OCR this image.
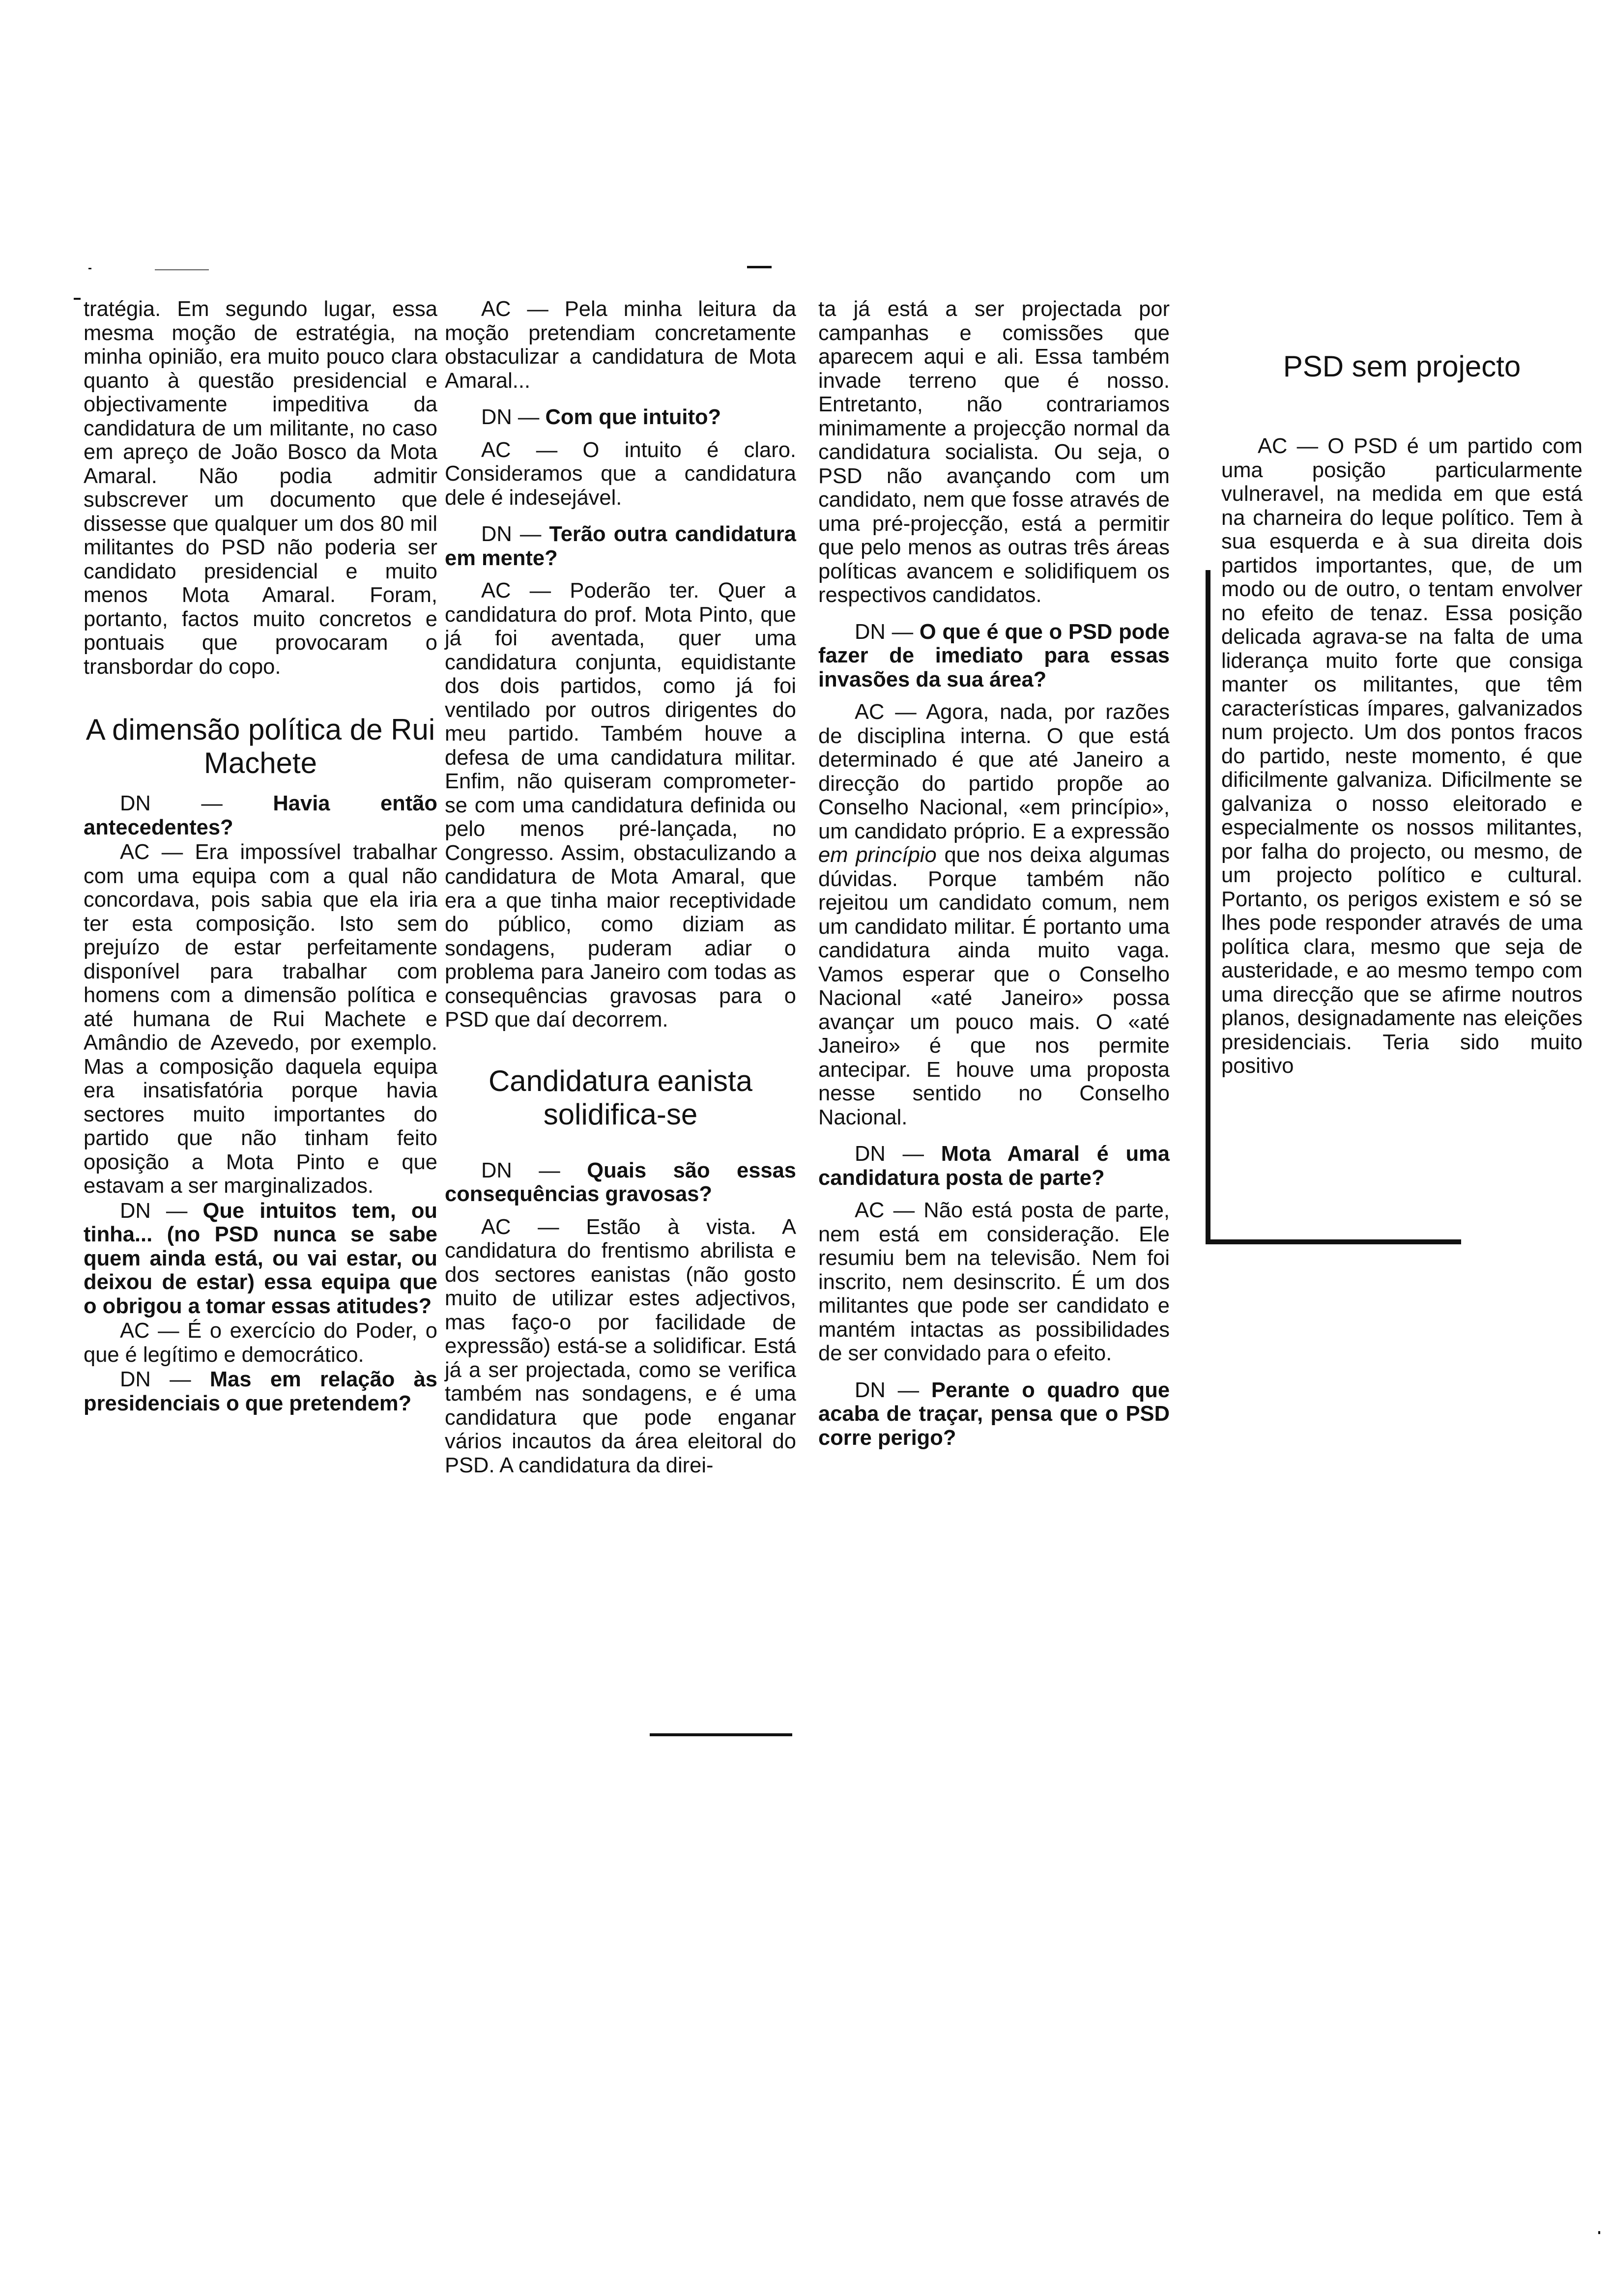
tratégia. Em segundo lugar, essa mesma moção de estratégia, na minha opinião, era muito pouco clara quanto à questão presidencial e objectivamente impeditiva da candidatura de um militante, no caso em apreço de João Bosco da Mota Amaral. Não podia admitir subscrever um documento que dissesse que qualquer um dos 80 mil militantes do PSD não poderia ser candidato presidencial e muito menos Mota Amaral. Foram, portanto, factos muito concretos e pontuais que provocaram o transbordar do copo.

A dimensão política de Rui Machete

DN — Havia então antecedentes?

AC — Era impossível trabalhar com uma equipa com a qual não concordava, pois sabia que ela iria ter esta composição. Isto sem prejuízo de estar perfeitamente disponível para trabalhar com homens com a dimensão política e até humana de Rui Machete e Amândio de Azevedo, por exemplo. Mas a composição daquela equipa era insatisfatória porque havia sectores muito importantes do partido que não tinham feito oposição a Mota Pinto e que estavam a ser marginalizados.

DN — Que intuitos tem, ou tinha... (no PSD nunca se sabe quem ainda está, ou vai estar, ou deixou de estar) essa equipa que o obrigou a tomar essas atitudes?

AC — É o exercício do Poder, o que é legítimo e democrático.

DN — Mas em relação às presidenciais o que pretendem?

AC — Pela minha leitura da moção pretendiam concretamente obstaculizar a candidatura de Mota Amaral...

DN — Com que intuito?

AC — O intuito é claro. Consideramos que a candidatura dele é indesejável.

DN — Terão outra candidatura em mente?

AC — Poderão ter. Quer a candidatura do prof. Mota Pinto, que já foi aventada, quer uma candidatura conjunta, equidistante dos dois partidos, como já foi ventilado por outros dirigentes do meu partido. Também houve a defesa de uma candidatura militar. Enfim, não quiseram comprometer-se com uma candidatura definida ou pelo menos pré-lançada, no Congresso. Assim, obstaculizando a candidatura de Mota Amaral, que era a que tinha maior receptividade do público, como diziam as sondagens, puderam adiar o problema para Janeiro com todas as consequências gravosas para o PSD que daí decorrem.

Candidatura eanista solidifica-se

DN — Quais são essas consequências gravosas?

AC — Estão à vista. A candidatura do frentismo abrilista e dos sectores eanistas (não gosto muito de utilizar estes adjectivos, mas faço-o por facilidade de expressão) está-se a solidificar. Está já a ser projectada, como se verifica também nas sondagens, e é uma candidatura que pode enganar vários incautos da área eleitoral do PSD. A candidatura da direi-

ta já está a ser projectada por campanhas e comissões que aparecem aqui e ali. Essa também invade terreno que é nosso. Entretanto, não contrariamos minimamente a projecção normal da candidatura socialista. Ou seja, o PSD não avançando com um candidato, nem que fosse através de uma pré-projecção, está a permitir que pelo menos as outras três áreas políticas avancem e solidifiquem os respectivos candidatos.

DN — O que é que o PSD pode fazer de imediato para essas invasões da sua área?

AC — Agora, nada, por razões de disciplina interna. O que está determinado é que até Janeiro a direcção do partido propõe ao Conselho Nacional, «em princípio», um candidato próprio. E a expressão em princípio que nos deixa algumas dúvidas. Porque também não rejeitou um candidato comum, nem um candidato militar. É portanto uma candidatura ainda muito vaga. Vamos esperar que o Conselho Nacional «até Janeiro» possa avançar um pouco mais. O «até Janeiro» é que nos permite antecipar. E houve uma proposta nesse sentido no Conselho Nacional.

DN — Mota Amaral é uma candidatura posta de parte?

AC — Não está posta de parte, nem está em consideração. Ele resumiu bem na televisão. Nem foi inscrito, nem desinscrito. É um dos militantes que pode ser candidato e mantém intactas as possibilidades de ser convidado para o efeito.

DN — Perante o quadro que acaba de traçar, pensa que o PSD corre perigo?

PSD sem projecto

AC — O PSD é um partido com uma posição particularmente vulneravel, na medida em que está na charneira do leque político. Tem à sua esquerda e à sua direita dois partidos importantes, que, de um modo ou de outro, o tentam envolver no efeito de tenaz. Essa posição delicada agrava-se na falta de uma liderança muito forte que consiga manter os militantes, que têm características ímpares, galvanizados num projecto. Um dos pontos fracos do partido, neste momento, é que dificilmente galvaniza. Dificilmente se galvaniza o nosso eleitorado e especialmente os nossos militantes, por falha do projecto, ou mesmo, de um projecto político e cultural. Portanto, os perigos existem e só se lhes pode responder através de uma política clara, mesmo que seja de austeridade, e ao mesmo tempo com uma direcção que se afirme noutros planos, designadamente nas eleições presidenciais. Teria sido muito positivo
